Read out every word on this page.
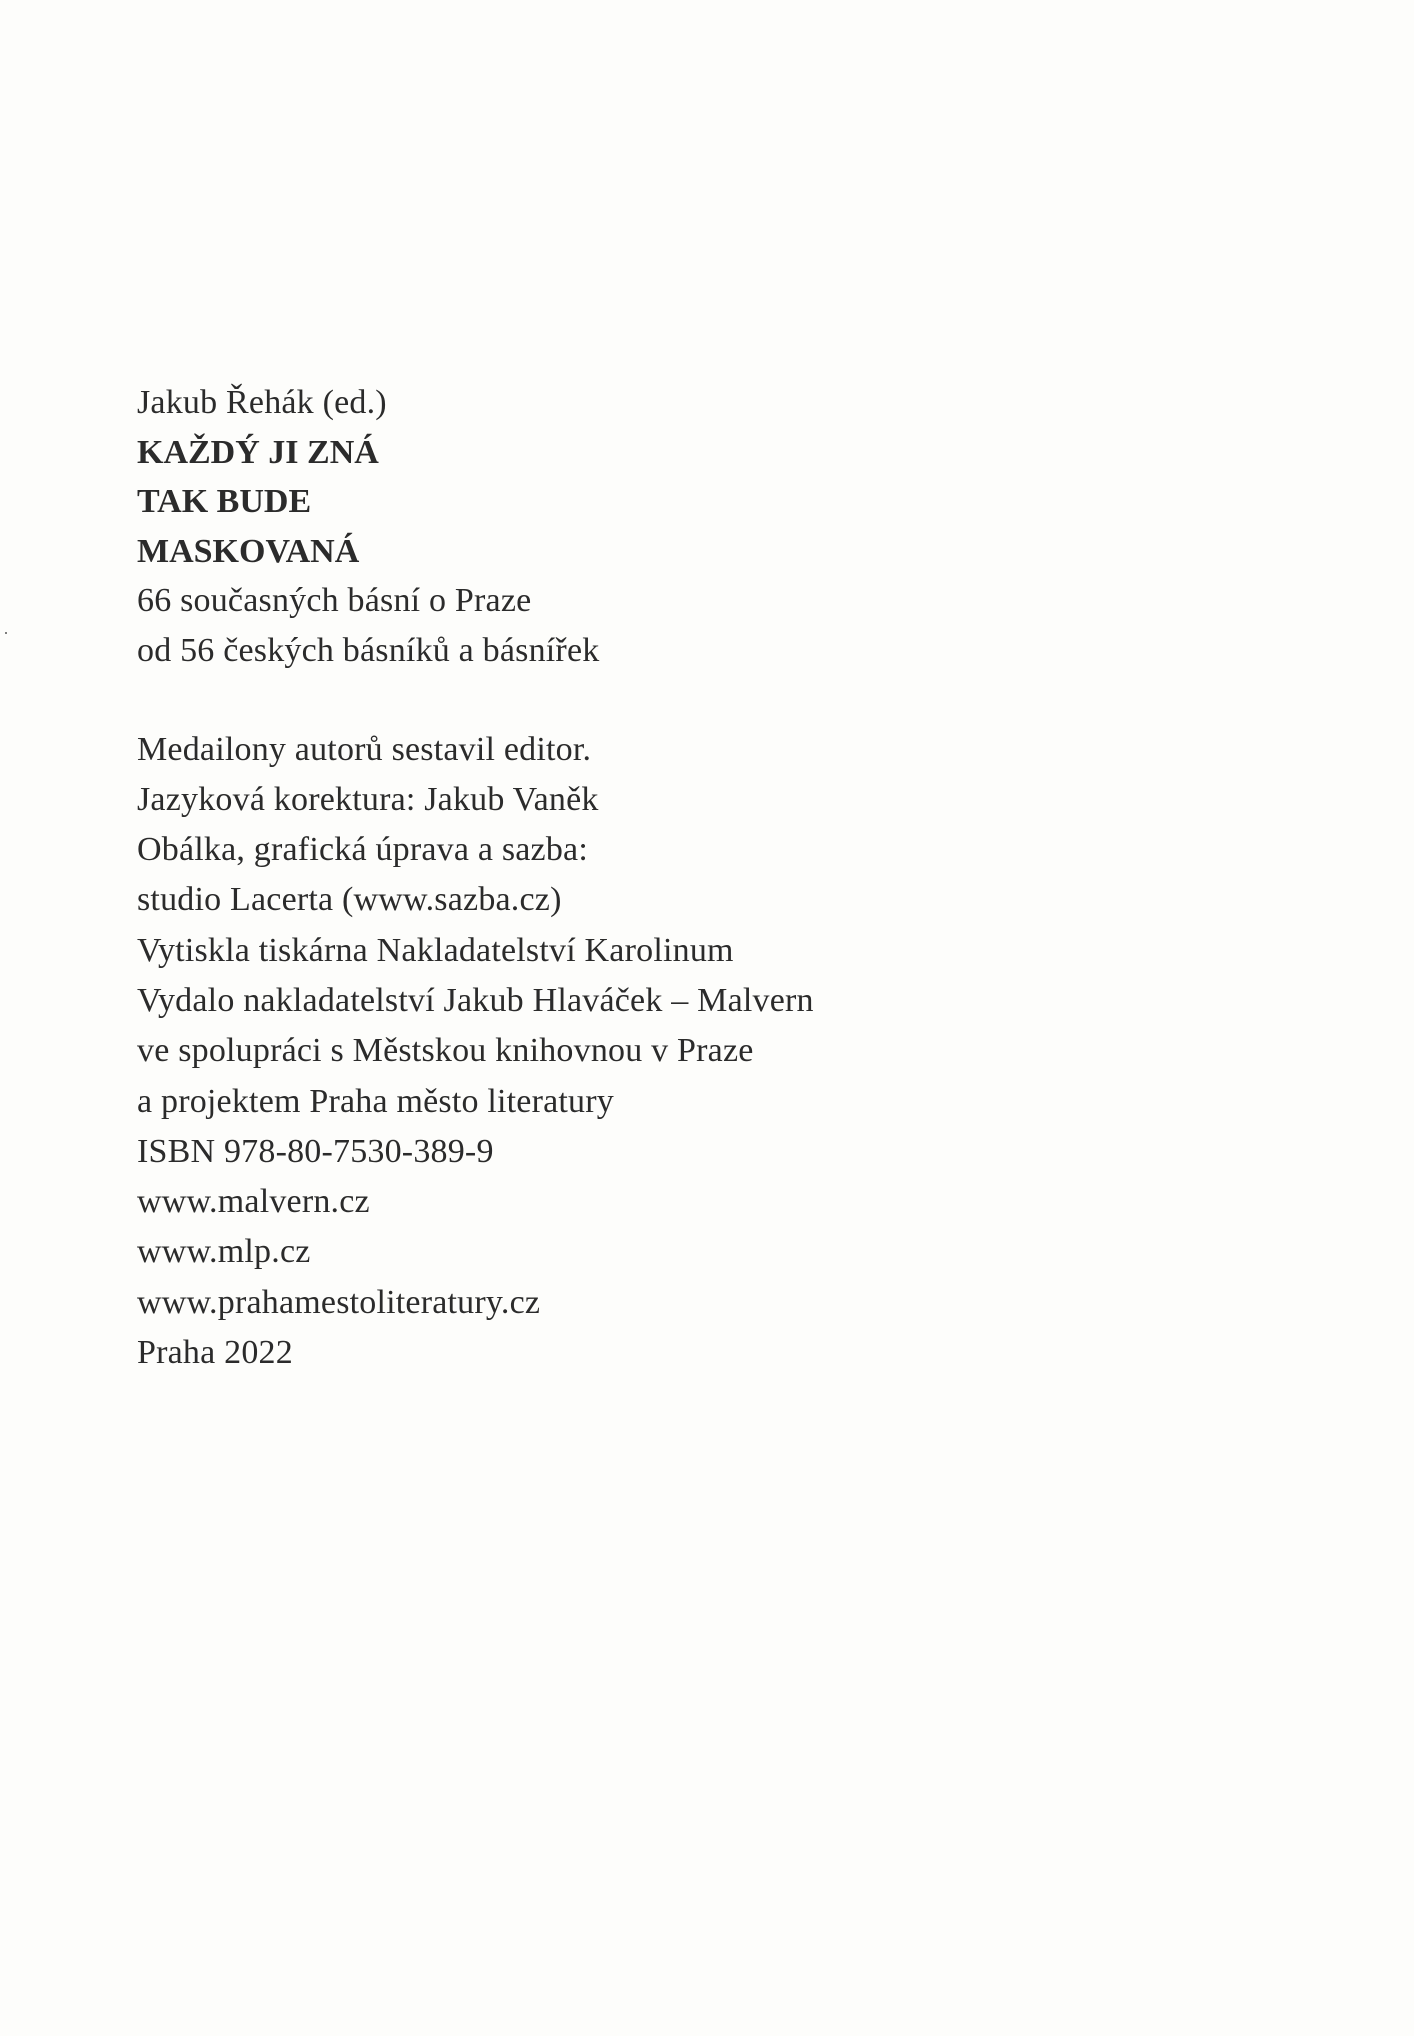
Jakub Řehák (ed.)
KAŽDÝ JI ZNÁ
TAK BUDE
MASKOVANÁ
66 současných básní o Praze
od 56 českých básníků a básnířek
Medailony autorů sestavil editor.
Jazyková korektura: Jakub Vaněk
Obálka, grafická úprava a sazba:
studio Lacerta (www.sazba.cz)
Vytiskla tiskárna Nakladatelství Karolinum
Vydalo nakladatelství Jakub Hlaváček – Malvern
ve spolupráci s Městskou knihovnou v Praze
a projektem Praha město literatury
ISBN 978-80-7530-389-9
www.malvern.cz
www.mlp.cz
www.prahamestoliteratury.cz
Praha 2022
